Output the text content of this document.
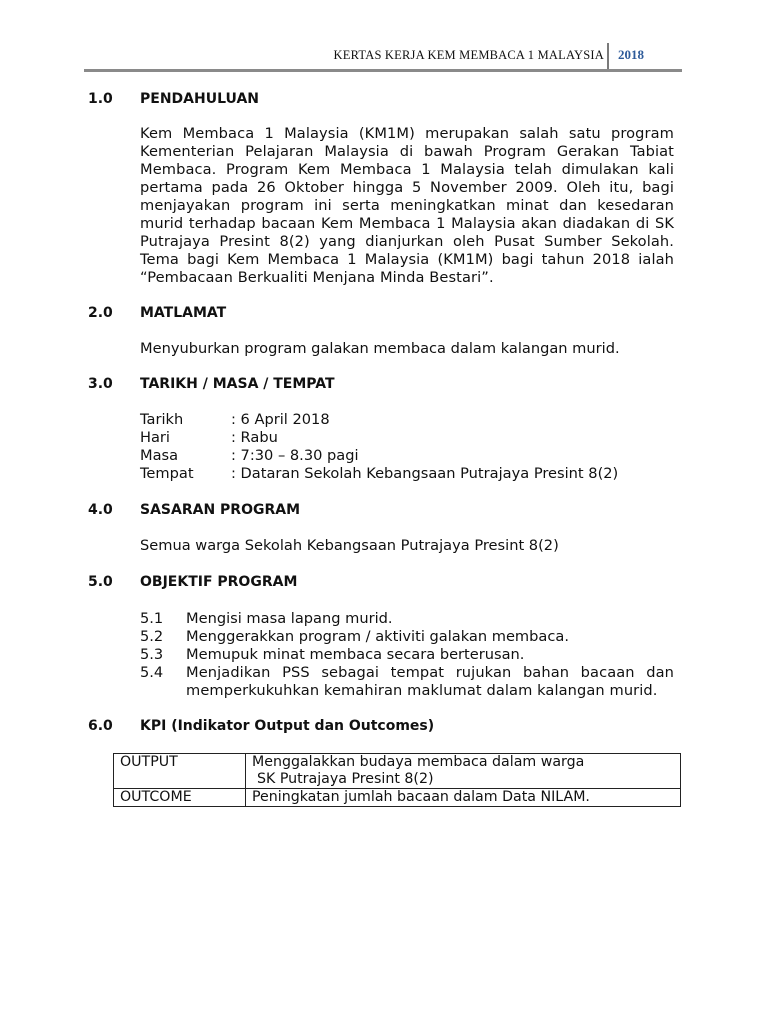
KERTAS KERJA KEM MEMBACA 1 MALAYSIA 2018
1.0 PENDAHULUAN
Kem Membaca 1 Malaysia (KM1M) merupakan salah satu program Kementerian Pelajaran Malaysia di bawah Program Gerakan Tabiat Membaca. Program Kem Membaca 1 Malaysia telah dimulakan kali pertama pada 26 Oktober hingga 5 November 2009. Oleh itu, bagi menjayakan program ini serta meningkatkan minat dan kesedaran murid terhadap bacaan Kem Membaca 1 Malaysia akan diadakan di SK Putrajaya Presint 8(2) yang dianjurkan oleh Pusat Sumber Sekolah. Tema bagi Kem Membaca 1 Malaysia (KM1M) bagi tahun 2018 ialah “Pembacaan Berkualiti Menjana Minda Bestari”.
2.0 MATLAMAT
Menyuburkan program galakan membaca dalam kalangan murid.
3.0 TARIKH / MASA / TEMPAT
Tarikh	: 6 April 2018
Hari	: Rabu
Masa	: 7:30 – 8.30 pagi
Tempat	: Dataran Sekolah Kebangsaan Putrajaya Presint 8(2)
4.0 SASARAN PROGRAM
Semua warga Sekolah Kebangsaan Putrajaya Presint 8(2)
5.0 OBJEKTIF PROGRAM
5.1 Mengisi masa lapang murid.
5.2 Menggerakkan program / aktiviti galakan membaca.
5.3 Memupuk minat membaca secara berterusan.
5.4 Menjadikan PSS sebagai tempat rujukan bahan bacaan dan memperkukuhkan kemahiran maklumat dalam kalangan murid.
6.0 KPI (Indikator Output dan Outcomes)
OUTPUT	Menggalakkan budaya membaca dalam warga
SK Putrajaya Presint 8(2)

OUTCOME	Peningkatan jumlah bacaan dalam Data NILAM.
